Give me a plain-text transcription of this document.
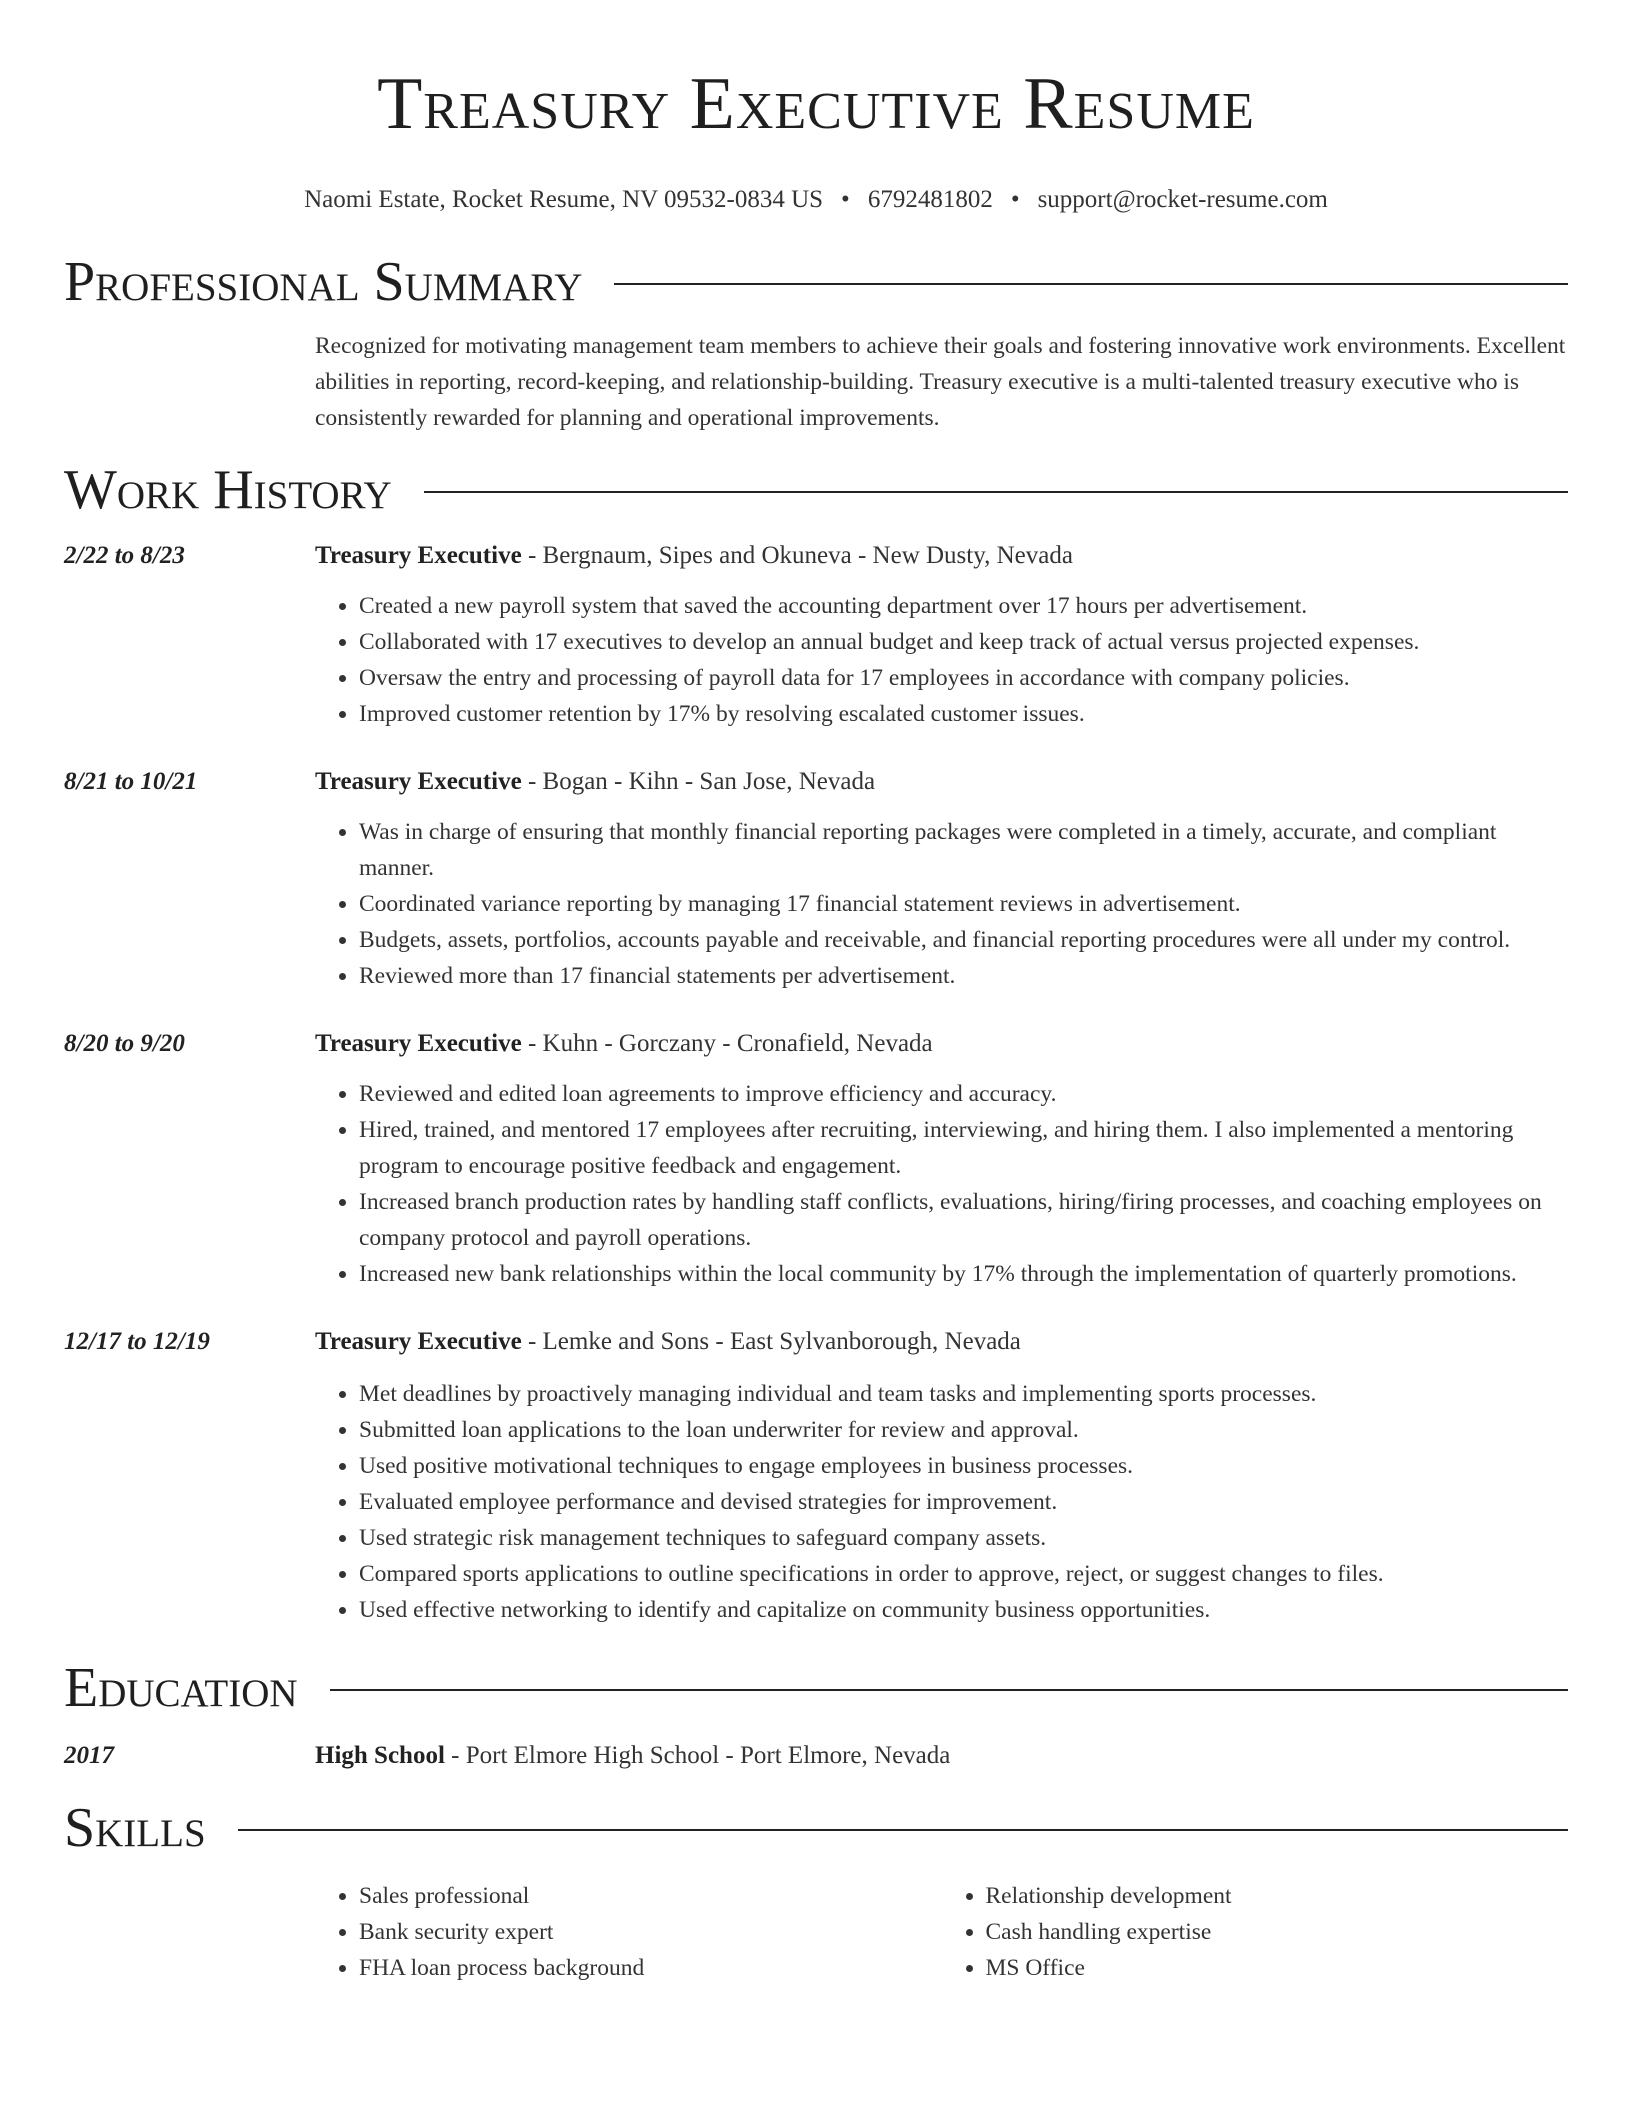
Treasury Executive Resume
Naomi Estate, Rocket Resume, NV 09532-0834 US • 6792481802 • support@rocket-resume.com
Professional Summary
Recognized for motivating management team members to achieve their goals and fostering innovative work environments. Excellent abilities in reporting, record-keeping, and relationship-building. Treasury executive is a multi-talented treasury executive who is consistently rewarded for planning and operational improvements.
Work History
2/22 to 8/23	Treasury Executive - Bergnaum, Sipes and Okuneva - New Dusty, Nevada
• Created a new payroll system that saved the accounting department over 17 hours per advertisement.
• Collaborated with 17 executives to develop an annual budget and keep track of actual versus projected expenses.
• Oversaw the entry and processing of payroll data for 17 employees in accordance with company policies.
• Improved customer retention by 17% by resolving escalated customer issues.
8/21 to 10/21	Treasury Executive - Bogan - Kihn - San Jose, Nevada
• Was in charge of ensuring that monthly financial reporting packages were completed in a timely, accurate, and compliant manner.
• Coordinated variance reporting by managing 17 financial statement reviews in advertisement.
• Budgets, assets, portfolios, accounts payable and receivable, and financial reporting procedures were all under my control.
• Reviewed more than 17 financial statements per advertisement.
8/20 to 9/20	Treasury Executive - Kuhn - Gorczany - Cronafield, Nevada
• Reviewed and edited loan agreements to improve efficiency and accuracy.
• Hired, trained, and mentored 17 employees after recruiting, interviewing, and hiring them. I also implemented a mentoring program to encourage positive feedback and engagement.
• Increased branch production rates by handling staff conflicts, evaluations, hiring/firing processes, and coaching employees on company protocol and payroll operations.
• Increased new bank relationships within the local community by 17% through the implementation of quarterly promotions.
12/17 to 12/19	Treasury Executive - Lemke and Sons - East Sylvanborough, Nevada
• Met deadlines by proactively managing individual and team tasks and implementing sports processes.
• Submitted loan applications to the loan underwriter for review and approval.
• Used positive motivational techniques to engage employees in business processes.
• Evaluated employee performance and devised strategies for improvement.
• Used strategic risk management techniques to safeguard company assets.
• Compared sports applications to outline specifications in order to approve, reject, or suggest changes to files.
• Used effective networking to identify and capitalize on community business opportunities.
Education
2017	High School - Port Elmore High School - Port Elmore, Nevada
Skills
• Sales professional
• Bank security expert
• FHA loan process background
• Relationship development
• Cash handling expertise
• MS Office
